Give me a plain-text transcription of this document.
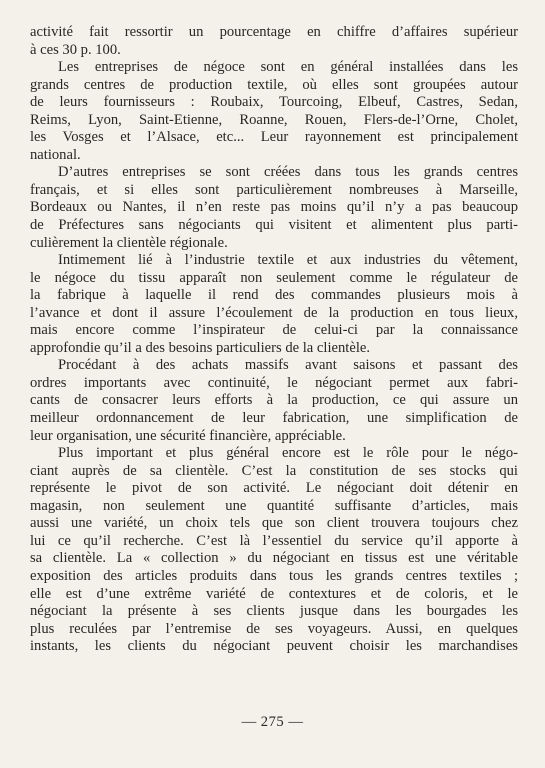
activité fait ressortir un pourcentage en chiffre d’affaires supérieur
à ces 30 p. 100.
Les entreprises de négoce sont en général installées dans les
grands centres de production textile, où elles sont groupées autour
de leurs fournisseurs : Roubaix, Tourcoing, Elbeuf, Castres, Sedan,
Reims, Lyon, Saint-Etienne, Roanne, Rouen, Flers-de-l’Orne, Cholet,
les Vosges et l’Alsace, etc... Leur rayonnement est principalement
national.
D’autres entreprises se sont créées dans tous les grands centres
français, et si elles sont particulièrement nombreuses à Marseille,
Bordeaux ou Nantes, il n’en reste pas moins qu’il n’y a pas beaucoup
de Préfectures sans négociants qui visitent et alimentent plus parti-
culièrement la clientèle régionale.
Intimement lié à l’industrie textile et aux industries du vêtement,
le négoce du tissu apparaît non seulement comme le régulateur de
la fabrique à laquelle il rend des commandes plusieurs mois à
l’avance et dont il assure l’écoulement de la production en tous lieux,
mais encore comme l’inspirateur de celui-ci par la connaissance
approfondie qu’il a des besoins particuliers de la clientèle.
Procédant à des achats massifs avant saisons et passant des
ordres importants avec continuité, le négociant permet aux fabri-
cants de consacrer leurs efforts à la production, ce qui assure un
meilleur ordonnancement de leur fabrication, une simplification de
leur organisation, une sécurité financière, appréciable.
Plus important et plus général encore est le rôle pour le négo-
ciant auprès de sa clientèle. C’est la constitution de ses stocks qui
représente le pivot de son activité. Le négociant doit détenir en
magasin, non seulement une quantité suffisante d’articles, mais
aussi une variété, un choix tels que son client trouvera toujours chez
lui ce qu’il recherche. C’est là l’essentiel du service qu’il apporte à
sa clientèle. La « collection » du négociant en tissus est une véritable
exposition des articles produits dans tous les grands centres textiles ;
elle est d’une extrême variété de contextures et de coloris, et le
négociant la présente à ses clients jusque dans les bourgades les
plus reculées par l’entremise de ses voyageurs. Aussi, en quelques
instants, les clients du négociant peuvent choisir les marchandises
— 275 —
